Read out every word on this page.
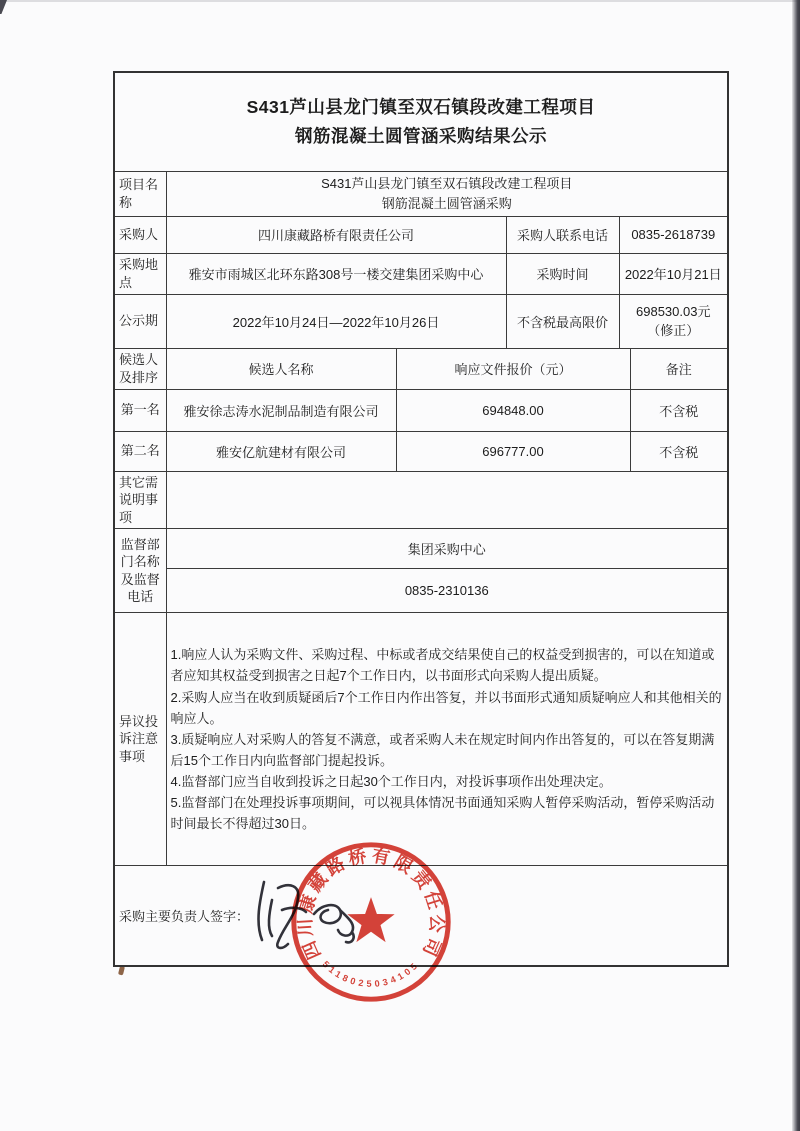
S431芦山县龙门镇至双石镇段改建工程项目
钢筋混凝土圆管涵采购结果公示					

项目名称	S431芦山县龙门镇至双石镇段改建工程项目
钢筋混凝土圆管涵采购				

采购人	四川康藏路桥有限责任公司		采购人联系电话	0835-2618739	
采购地点	雅安市雨城区北环东路308号一楼交建集团采购中心		采购时间	2022年10月21日	
公示期	2022年10月24日—2022年10月26日		不含税最高限价	698530.03元
（修正）	

候选人及排序	候选人名称	响应文件报价（元）			备注
第一名	雅安徐志涛水泥制品制造有限公司	694848.00			不含税
第二名	雅安亿航建材有限公司	696777.00			不含税
其它需说明事项					
监督部门名称及监督电话	集团采购中心				
	0835-2310136				
异议投诉注意事项	1.响应人认为采购文件、采购过程、中标或者成交结果使自己的权益受到损害的，可以在知道或者应知其权益受到损害之日起7个工作日内，以书面形式向采购人提出质疑。

2.采购人应当在收到质疑函后7个工作日内作出答复，并以书面形式通知质疑响应人和其他相关的响应人。

3.质疑响应人对采购人的答复不满意，或者采购人未在规定时间内作出答复的，可以在答复期满后15个工作日内向监督部门提起投诉。

4.监督部门应当自收到投诉之日起30个工作日内，对投诉事项作出处理决定。

5.监督部门在处理投诉事项期间，可以视具体情况书面通知采购人暂停采购活动，暂停采购活动时间最长不得超过30日。				

采购主要负责人签字：					
四川康藏路桥有限责任公司
5118025034105
